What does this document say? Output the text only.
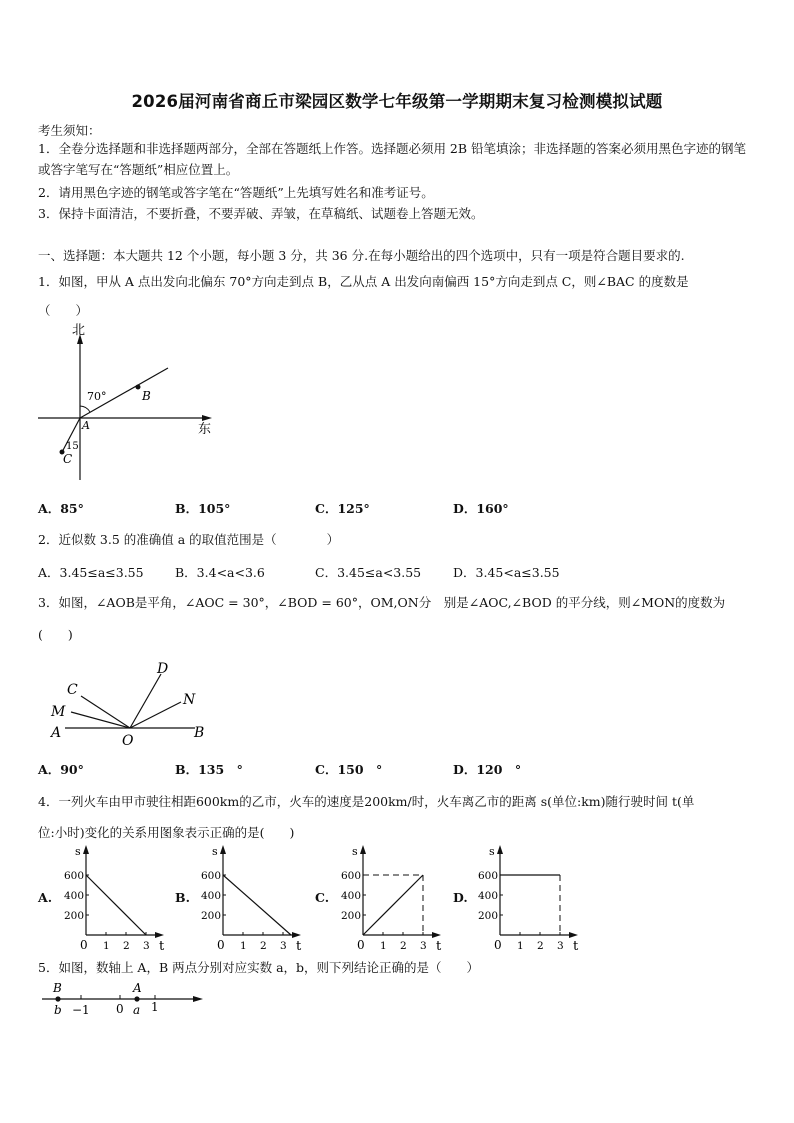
2026届河南省商丘市梁园区数学七年级第一学期期末复习检测模拟试题
考生须知：
1．全卷分选择题和非选择题两部分，全部在答题纸上作答。选择题必须用 2B 铅笔填涂；非选择题的答案必须用黑色字迹的钢笔或答字笔写在“答题纸”相应位置上。
2．请用黑色字迹的钢笔或答字笔在“答题纸”上先填写姓名和准考证号。
3．保持卡面清洁，不要折叠，不要弄破、弄皱，在草稿纸、试题卷上答题无效。
一、选择题：本大题共 12 个小题，每小题 3 分，共 36 分.在每小题给出的四个选项中，只有一项是符合题目要求的.
1．如图，甲从 A 点出发向北偏东 70°方向走到点 B，乙从点 A 出发向南偏西 15°方向走到点 C，则∠BAC 的度数是
（　　）
北
东
70°
15
A
B
C
A．85°	B．105°	C．125°	D．160°
2．近似数 3.5 的准确值 a 的取值范围是（　　　　）
A．3.45≤a≤3.55	B．3.4<a<3.6	C．3.45≤a<3.55	D．3.45<a≤3.55
3．如图，∠AOB是平角，∠AOC = 30°，∠BOD = 60°，OM,ON分　别是∠AOC,∠BOD 的平分线，则∠MON的度数为
(　　)
C
M
A
D
N
B
O
A．90°	B．135　°	C．150　°	D．120　°
4．一列火车由甲市驶往相距600km的乙市，火车的速度是200km/时，火车离乙市的距离 s(单位:km)随行驶时间 t(单
位:小时)变化的关系用图象表示正确的是(　　)
A.	B.	C.	D.
s
t
600
400
200
0 1 2 3
s
t
600
400
200
0 1 2 3
s
t
600
400
200
0 1 2 3
s
t
600
400
200
0 1 2 3
5．如图，数轴上 A，B 两点分别对应实数 a，b，则下列结论正确的是（　　）
B
b −1 0
A
a 1
